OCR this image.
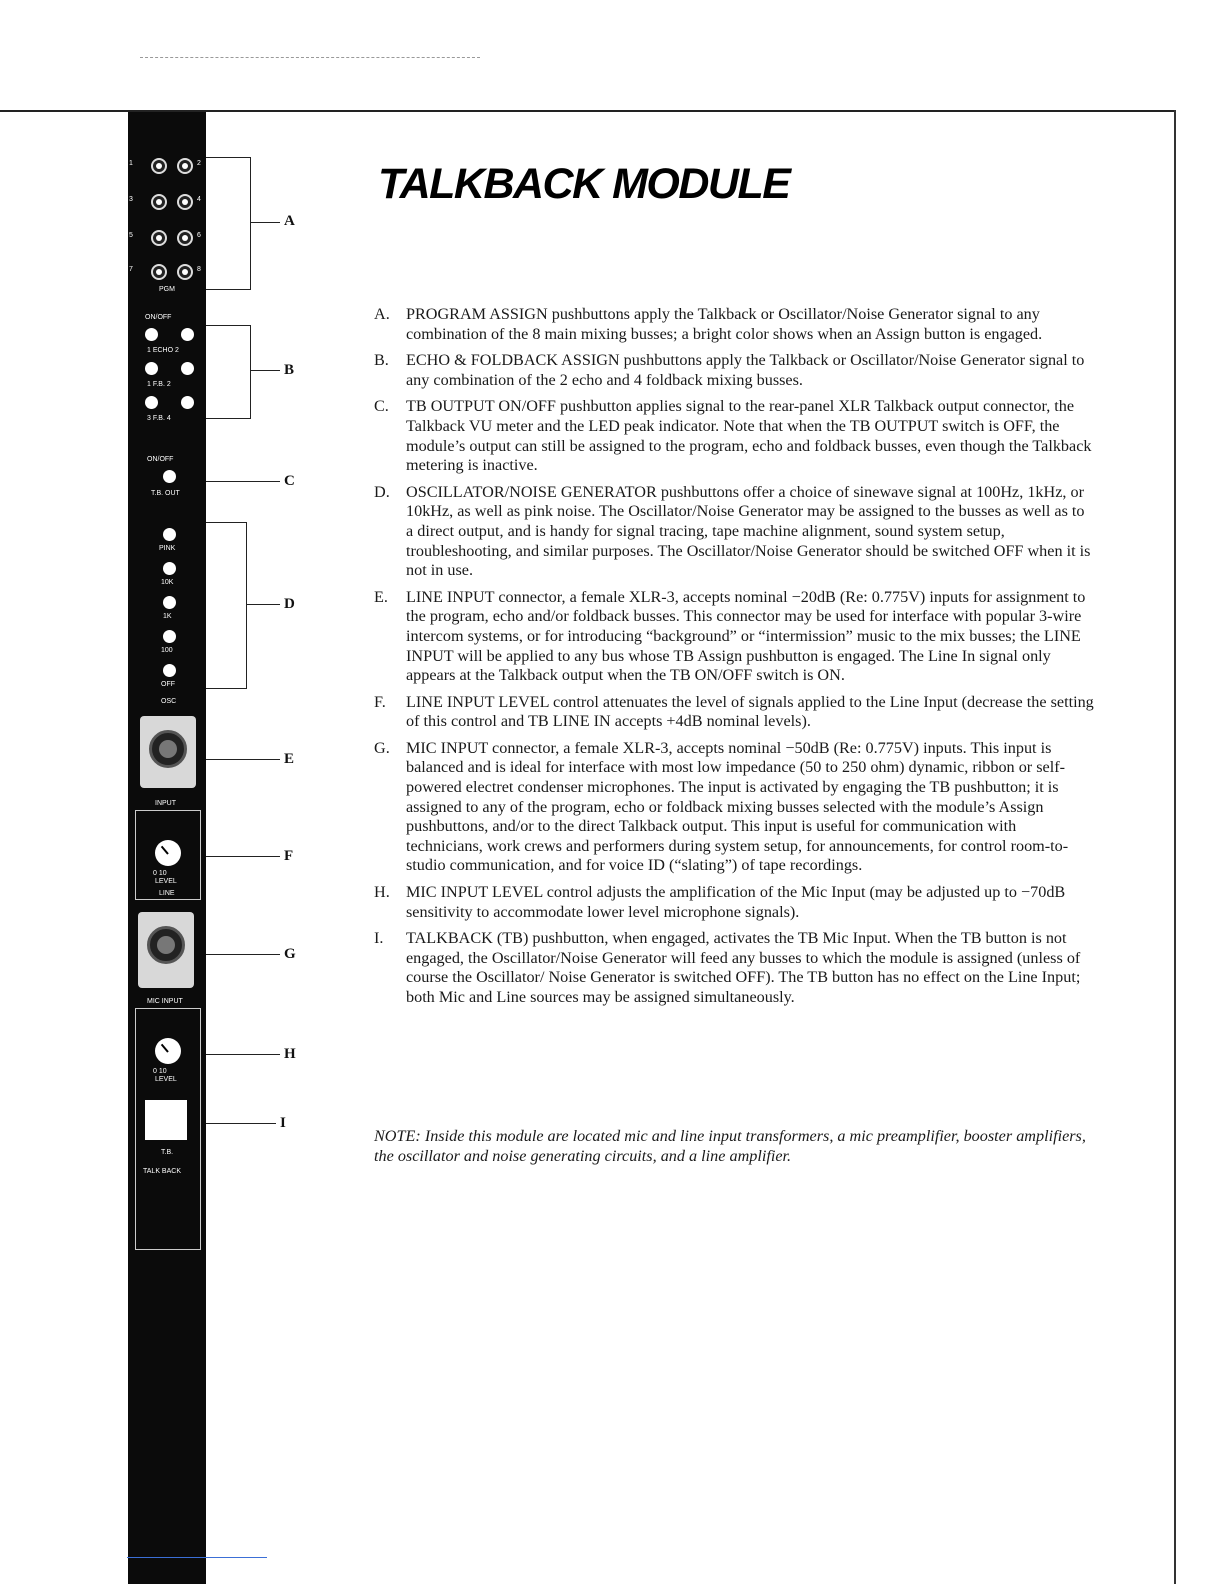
1	2
3	4
5	6
7	8
PGM
ON/OFF
1 ECHO 2
1 F.B. 2
3 F.B. 4
ON/OFF
T.B. OUT
PINK
10K
1K
100
OFF
OSC
INPUT
0 10
LEVEL
LINE
MIC INPUT
0 10
LEVEL
T.B.
TALK BACK
A
B
C
D
E
F
G
H
I
TALKBACK MODULE
A. PROGRAM ASSIGN pushbuttons apply the Talkback or Oscillator/Noise Generator signal to any combination of the 8 main mixing busses; a bright color shows when an Assign button is engaged.
B. ECHO & FOLDBACK ASSIGN pushbuttons apply the Talkback or Oscillator/Noise Generator signal to any combination of the 2 echo and 4 foldback mixing busses.
C. TB OUTPUT ON/OFF pushbutton applies signal to the rear-panel XLR Talkback output connector, the Talkback VU meter and the LED peak indicator. Note that when the TB OUTPUT switch is OFF, the module’s output can still be assigned to the program, echo and foldback busses, even though the Talkback metering is inactive.
D. OSCILLATOR/NOISE GENERATOR pushbuttons offer a choice of sinewave signal at 100Hz, 1kHz, or 10kHz, as well as pink noise. The Oscillator/Noise Generator may be assigned to the busses as well as to a direct output, and is handy for signal tracing, tape machine alignment, sound system setup, troubleshooting, and similar purposes. The Oscillator/Noise Generator should be switched OFF when it is not in use.
E. LINE INPUT connector, a female XLR-3, accepts nominal −20dB (Re: 0.775V) inputs for assignment to the program, echo and/or foldback busses. This connector may be used for interface with popular 3-wire intercom systems, or for introducing “background” or “intermission” music to the mix busses; the LINE INPUT will be applied to any bus whose TB Assign pushbutton is engaged. The Line In signal only appears at the Talkback output when the TB ON/OFF switch is ON.
F. LINE INPUT LEVEL control attenuates the level of signals applied to the Line Input (decrease the setting of this control and TB LINE IN accepts +4dB nominal levels).
G. MIC INPUT connector, a female XLR-3, accepts nominal −50dB (Re: 0.775V) inputs. This input is balanced and is ideal for interface with most low impedance (50 to 250 ohm) dynamic, ribbon or self-powered electret condenser microphones. The input is activated by engaging the TB pushbutton; it is assigned to any of the program, echo or foldback mixing busses selected with the module’s Assign pushbuttons, and/or to the direct Talkback output. This input is useful for communication with technicians, work crews and performers during system setup, for announcements, for control room-to-studio communication, and for voice ID (“slating”) of tape recordings.
H. MIC INPUT LEVEL control adjusts the amplification of the Mic Input (may be adjusted up to −70dB sensitivity to accommodate lower level microphone signals).
I. TALKBACK (TB) pushbutton, when engaged, activates the TB Mic Input. When the TB button is not engaged, the Oscillator/Noise Generator will feed any busses to which the module is assigned (unless of course the Oscillator/ Noise Generator is switched OFF). The TB button has no effect on the Line Input; both Mic and Line sources may be assigned simultaneously.
NOTE: Inside this module are located mic and line input transformers, a mic preamplifier, booster amplifiers, the oscillator and noise generating circuits, and a line amplifier.
